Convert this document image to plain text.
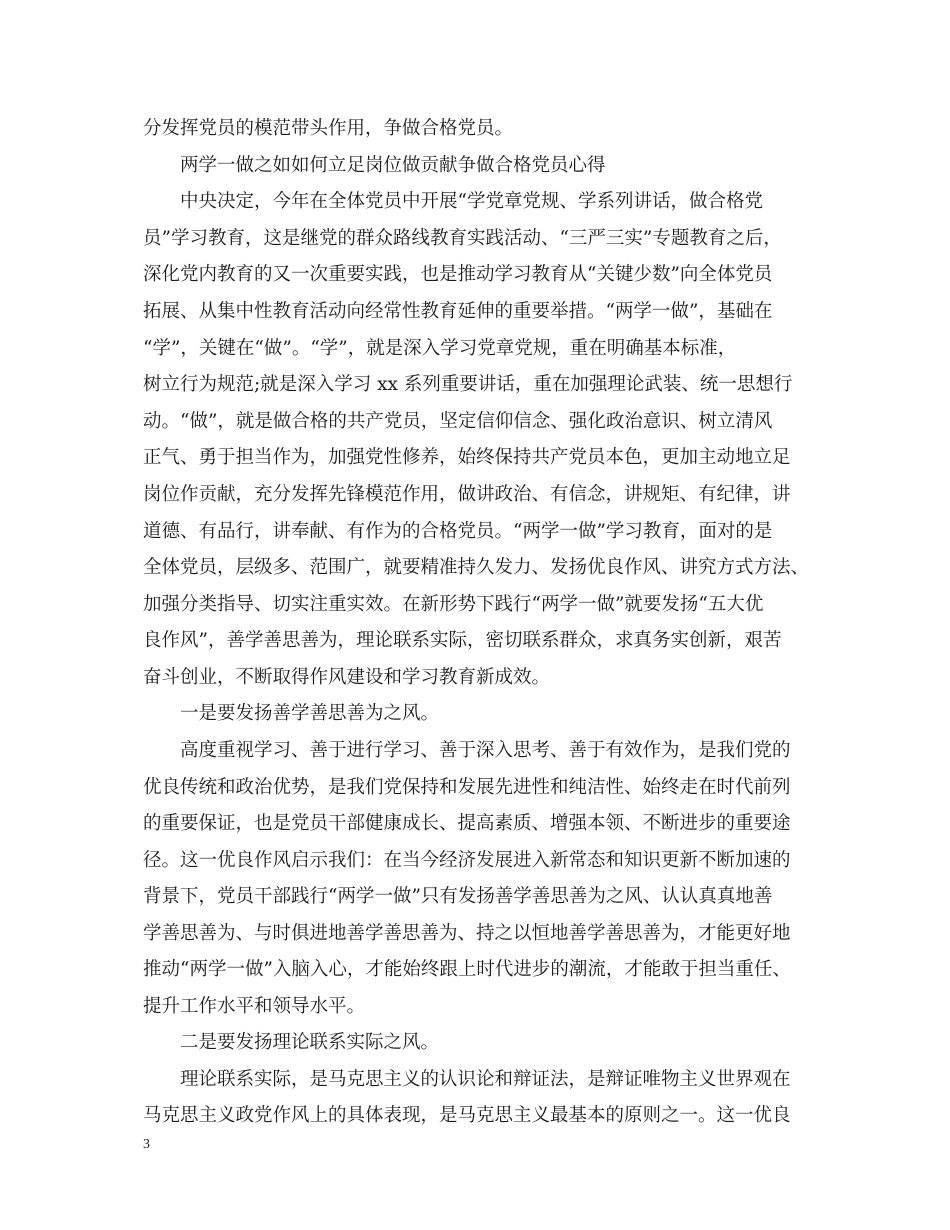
分发挥党员的模范带头作用，争做合格党员。
　　两学一做之如如何立足岗位做贡献争做合格党员心得
　　中央决定，今年在全体党员中开展“学党章党规、学系列讲话，做合格党
员”学习教育，这是继党的群众路线教育实践活动、“三严三实”专题教育之后，
深化党内教育的又一次重要实践，也是推动学习教育从“关键少数”向全体党员
拓展、从集中性教育活动向经常性教育延伸的重要举措。“两学一做”，基础在
“学”，关键在“做”。“学”，就是深入学习党章党规，重在明确基本标准，
树立行为规范;就是深入学习 xx 系列重要讲话，重在加强理论武装、统一思想行
动。“做”，就是做合格的共产党员，坚定信仰信念、强化政治意识、树立清风
正气、勇于担当作为，加强党性修养，始终保持共产党员本色，更加主动地立足
岗位作贡献，充分发挥先锋模范作用，做讲政治、有信念，讲规矩、有纪律，讲
道德、有品行，讲奉献、有作为的合格党员。“两学一做”学习教育，面对的是
全体党员，层级多、范围广，就要精准持久发力、发扬优良作风、讲究方式方法、
加强分类指导、切实注重实效。在新形势下践行“两学一做”就要发扬“五大优
良作风”，善学善思善为，理论联系实际，密切联系群众，求真务实创新，艰苦
奋斗创业，不断取得作风建设和学习教育新成效。
　　一是要发扬善学善思善为之风。
　　高度重视学习、善于进行学习、善于深入思考、善于有效作为，是我们党的
优良传统和政治优势，是我们党保持和发展先进性和纯洁性、始终走在时代前列
的重要保证，也是党员干部健康成长、提高素质、增强本领、不断进步的重要途
径。这一优良作风启示我们：在当今经济发展进入新常态和知识更新不断加速的
背景下，党员干部践行“两学一做”只有发扬善学善思善为之风、认认真真地善
学善思善为、与时俱进地善学善思善为、持之以恒地善学善思善为，才能更好地
推动“两学一做”入脑入心，才能始终跟上时代进步的潮流，才能敢于担当重任、
提升工作水平和领导水平。
　　二是要发扬理论联系实际之风。
　　理论联系实际，是马克思主义的认识论和辩证法，是辩证唯物主义世界观在
马克思主义政党作风上的具体表现，是马克思主义最基本的原则之一。这一优良
3
